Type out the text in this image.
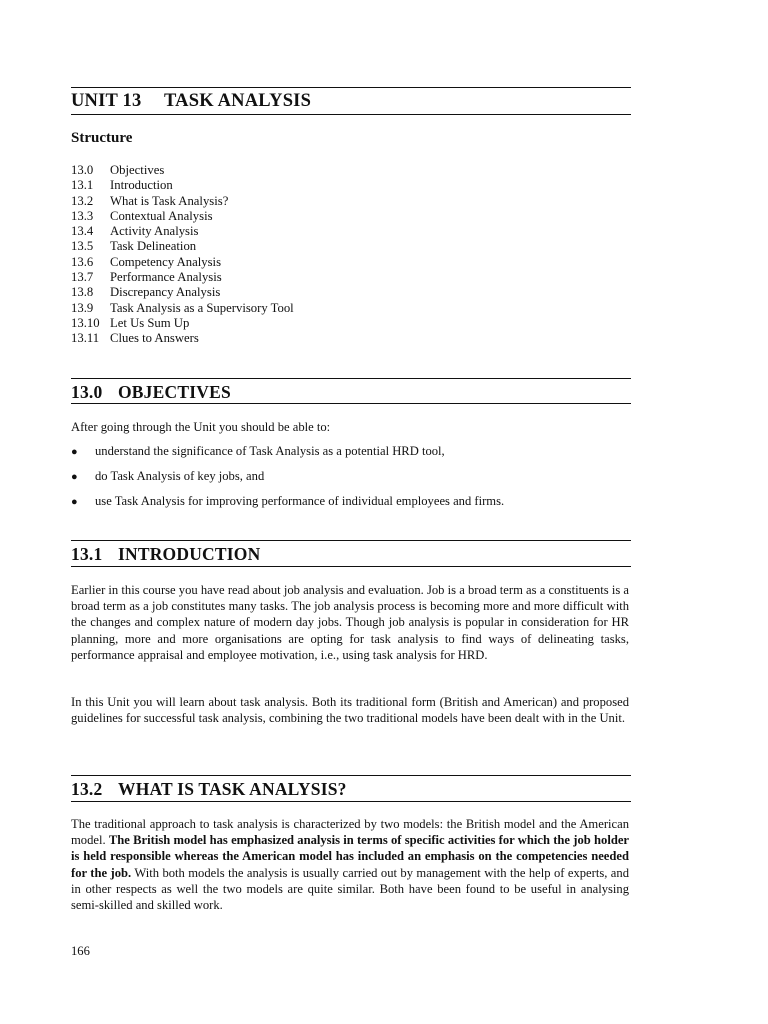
UNIT 13 TASK ANALYSIS
Structure
13.0 Objectives
13.1 Introduction
13.2 What is Task Analysis?
13.3 Contextual Analysis
13.4 Activity Analysis
13.5 Task Delineation
13.6 Competency Analysis
13.7 Performance Analysis
13.8 Discrepancy Analysis
13.9 Task Analysis as a Supervisory Tool
13.10 Let Us Sum Up
13.11 Clues to Answers
13.0 OBJECTIVES
After going through the Unit you should be able to:
● understand the significance of Task Analysis as a potential HRD tool,
● do Task Analysis of key jobs, and
● use Task Analysis for improving performance of individual employees and firms.
13.1 INTRODUCTION
Earlier in this course you have read about job analysis and evaluation. Job is a broad term as a constituents is a broad term as a job constitutes many tasks. The job analysis process is becoming more and more difficult with the changes and complex nature of modern day jobs. Though job analysis is popular in consideration for HR planning, more and more organisations are opting for task analysis to find ways of delineating tasks, performance appraisal and employee motivation, i.e., using task analysis for HRD.
In this Unit you will learn about task analysis. Both its traditional form (British and American) and proposed guidelines for successful task analysis, combining the two traditional models have been dealt with in the Unit.
13.2 WHAT IS TASK ANALYSIS?
The traditional approach to task analysis is characterized by two models: the British model and the American model. The British model has emphasized analysis in terms of specific activities for which the job holder is held responsible whereas the American model has included an emphasis on the competencies needed for the job. With both models the analysis is usually carried out by management with the help of experts, and in other respects as well the two models are quite similar. Both have been found to be useful in analysing semi-skilled and skilled work.
166
